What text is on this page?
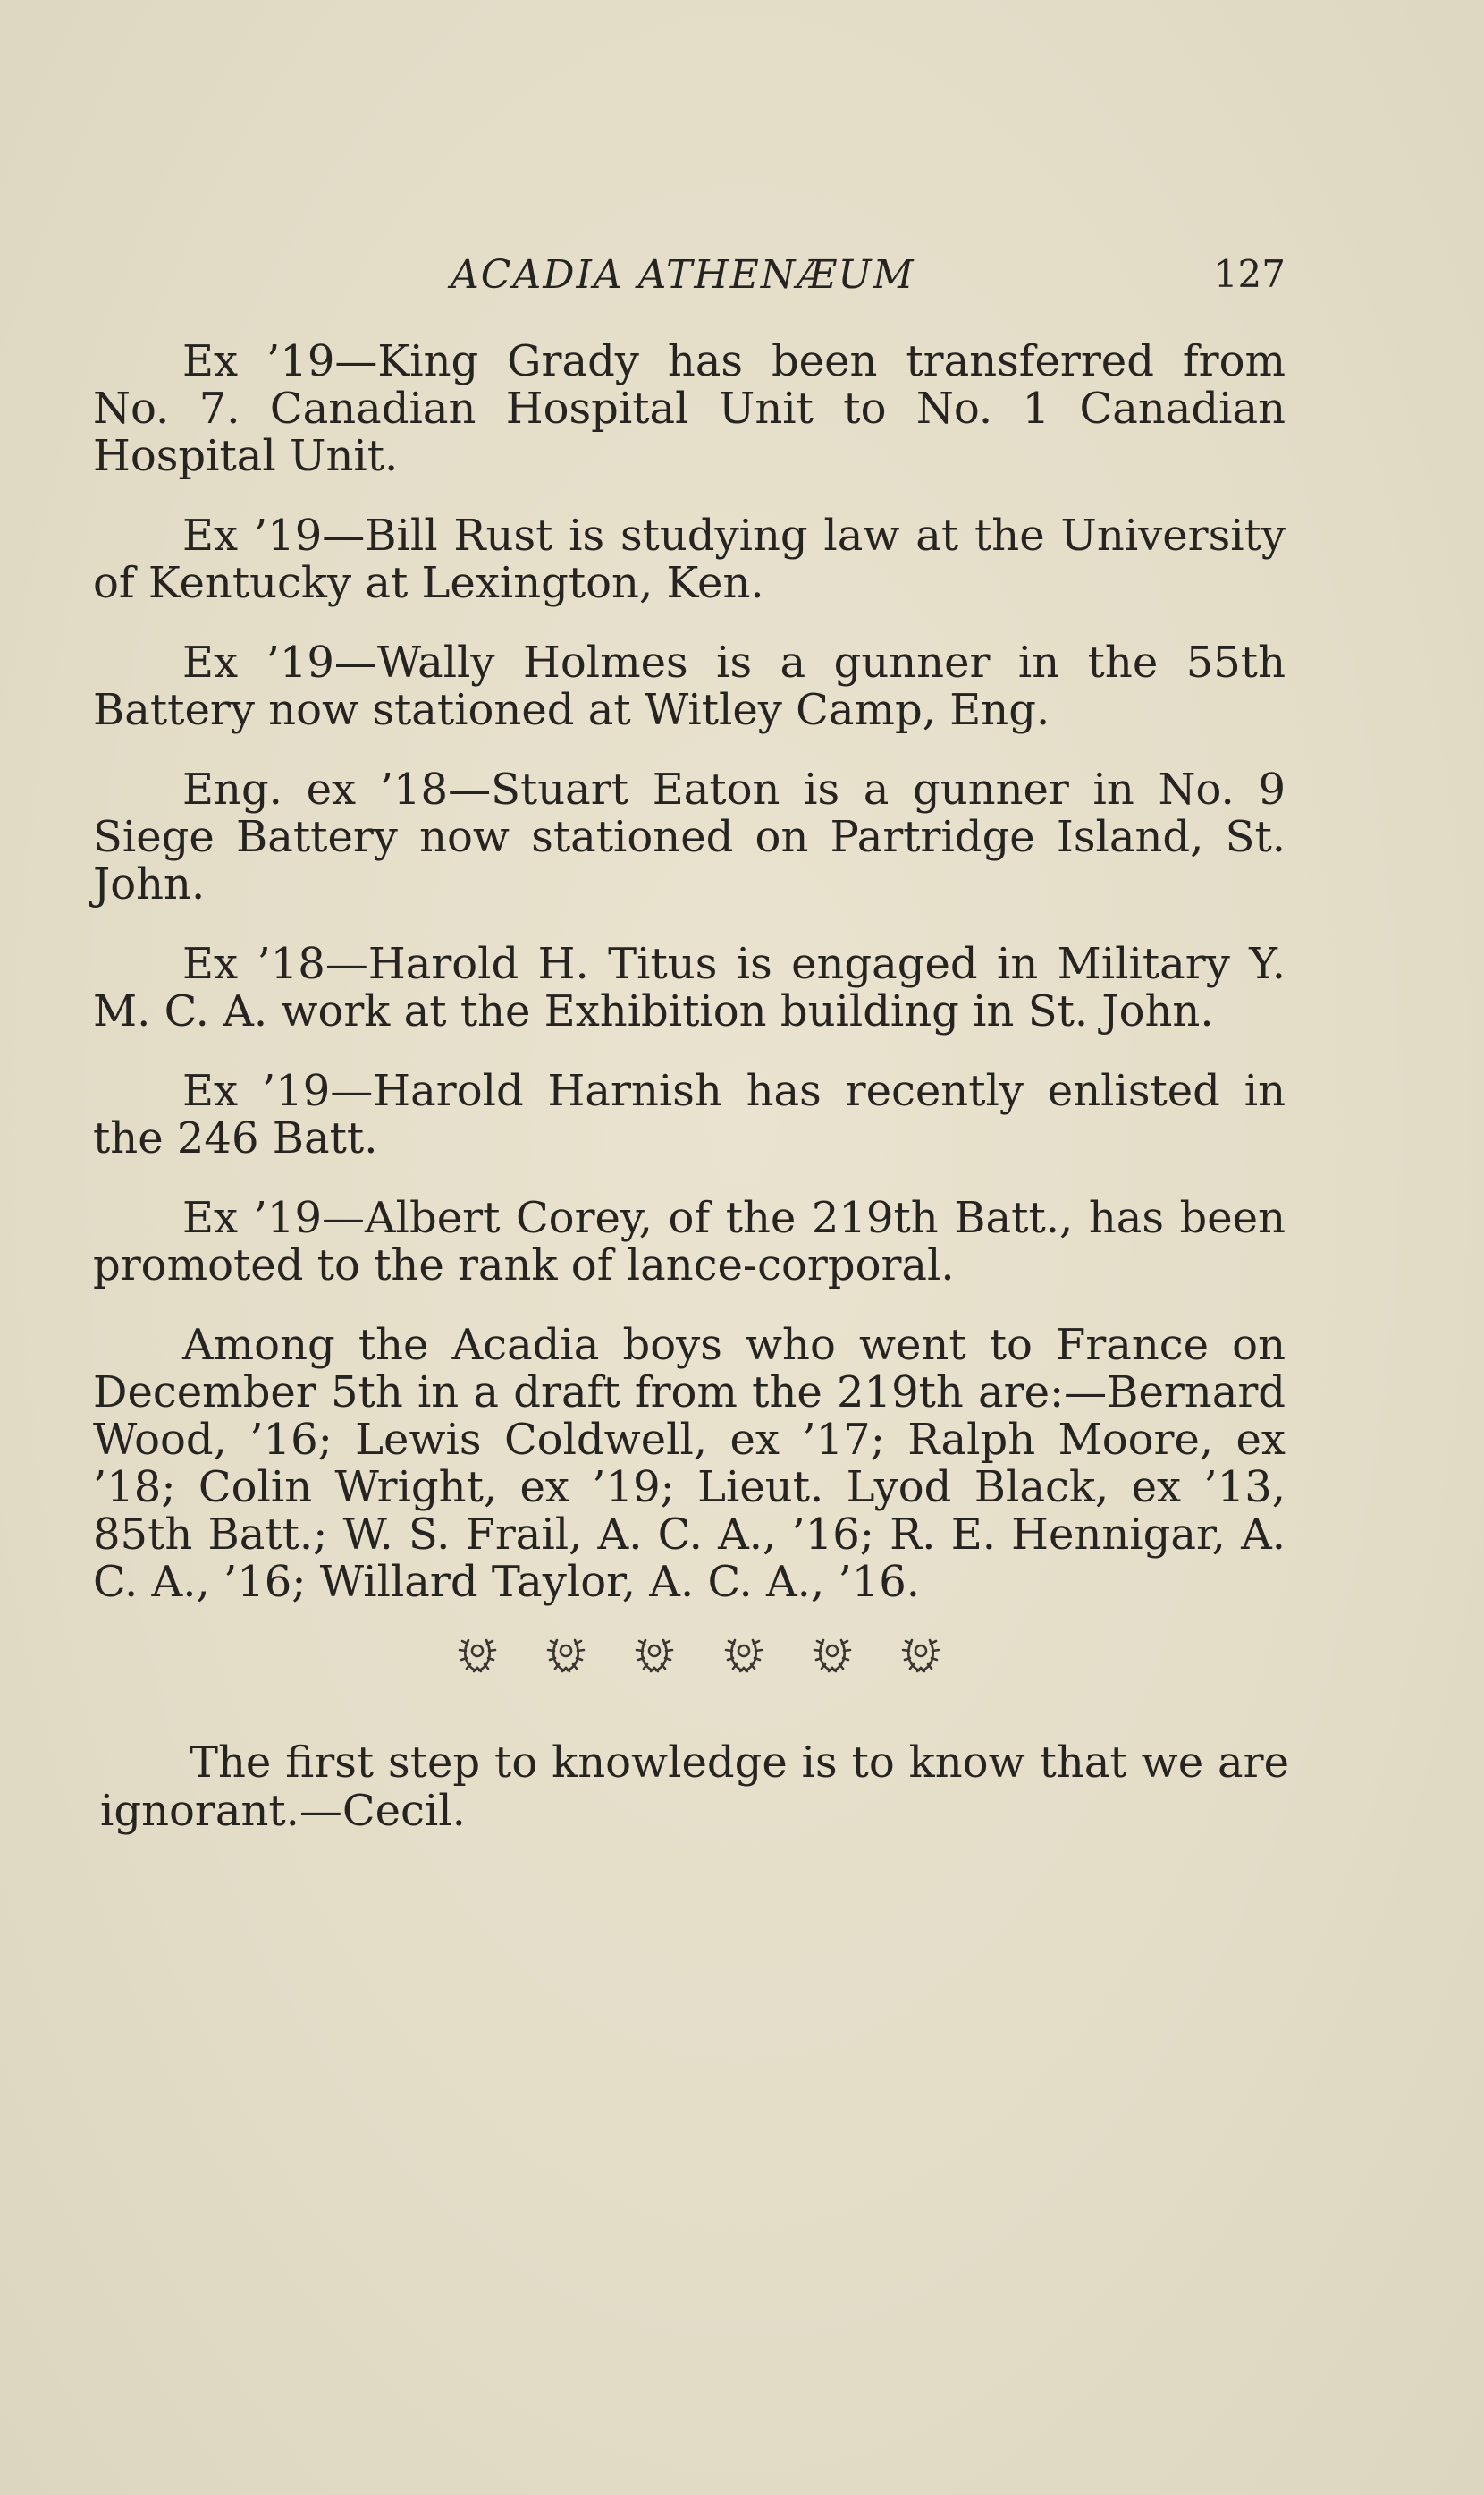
ACADIA ATHENÆUM	127

Ex ’19—King Grady has been transferred from No. 7. Canadian Hospital Unit to No. 1 Canadian Hospital Unit.

Ex ’19—Bill Rust is studying law at the University of Kentucky at Lexington, Ken.

Ex ’19—Wally Holmes is a gunner in the 55th Battery now stationed at Witley Camp, Eng.

Eng. ex ’18—Stuart Eaton is a gunner in No. 9 Siege Battery now stationed on Partridge Island, St. John.

Ex ’18—Harold H. Titus is engaged in Military Y. M. C. A. work at the Exhibition building in St. John.

Ex ’19—Harold Harnish has recently enlisted in the 246 Batt.

Ex ’19—Albert Corey, of the 219th Batt., has been promoted to the rank of lance-corporal.

Among the Acadia boys who went to France on December 5th in a draft from the 219th are:—Bernard Wood, ’16; Lewis Coldwell, ex ’17; Ralph Moore, ex ’18; Colin Wright, ex ’19; Lieut. Lyod Black, ex ’13, 85th Batt.; W. S. Frail, A. C. A., ’16; R. E. Hennigar, A. C. A., ’16; Willard Taylor, A. C. A., ’16.

The first step to knowledge is to know that we are ignorant.—Cecil.
